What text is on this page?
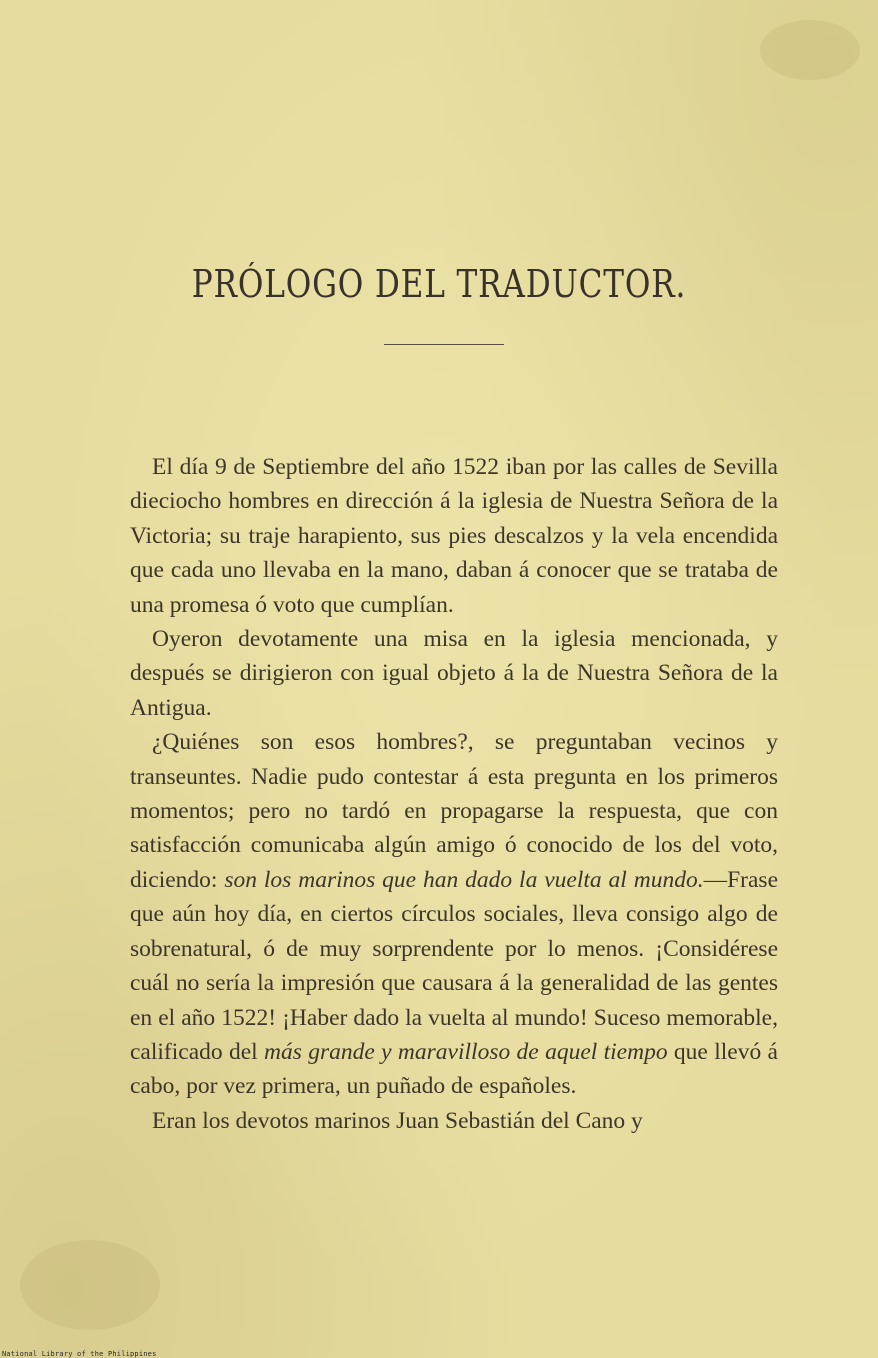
PRÓLOGO DEL TRADUCTOR.

El día 9 de Septiembre del año 1522 iban por las calles de Sevilla dieciocho hombres en dirección á la iglesia de Nuestra Señora de la Victoria; su traje harapiento, sus pies descalzos y la vela encendida que cada uno llevaba en la mano, daban á conocer que se trataba de una promesa ó voto que cumplían.

Oyeron devotamente una misa en la iglesia mencionada, y después se dirigieron con igual objeto á la de Nuestra Señora de la Antigua.

¿Quiénes son esos hombres?, se preguntaban vecinos y transeuntes. Nadie pudo contestar á esta pregunta en los primeros momentos; pero no tardó en propagarse la respuesta, que con satisfacción comunicaba algún amigo ó conocido de los del voto, diciendo: son los marinos que han dado la vuelta al mundo.—Frase que aún hoy día, en ciertos círculos sociales, lleva consigo algo de sobrenatural, ó de muy sorprendente por lo menos. ¡Considérese cuál no sería la impresión que causara á la generalidad de las gentes en el año 1522! ¡Haber dado la vuelta al mundo! Suceso memorable, calificado del más grande y maravilloso de aquel tiempo que llevó á cabo, por vez primera, un puñado de españoles.

Eran los devotos marinos Juan Sebastián del Cano y

National Library of the Philippines
